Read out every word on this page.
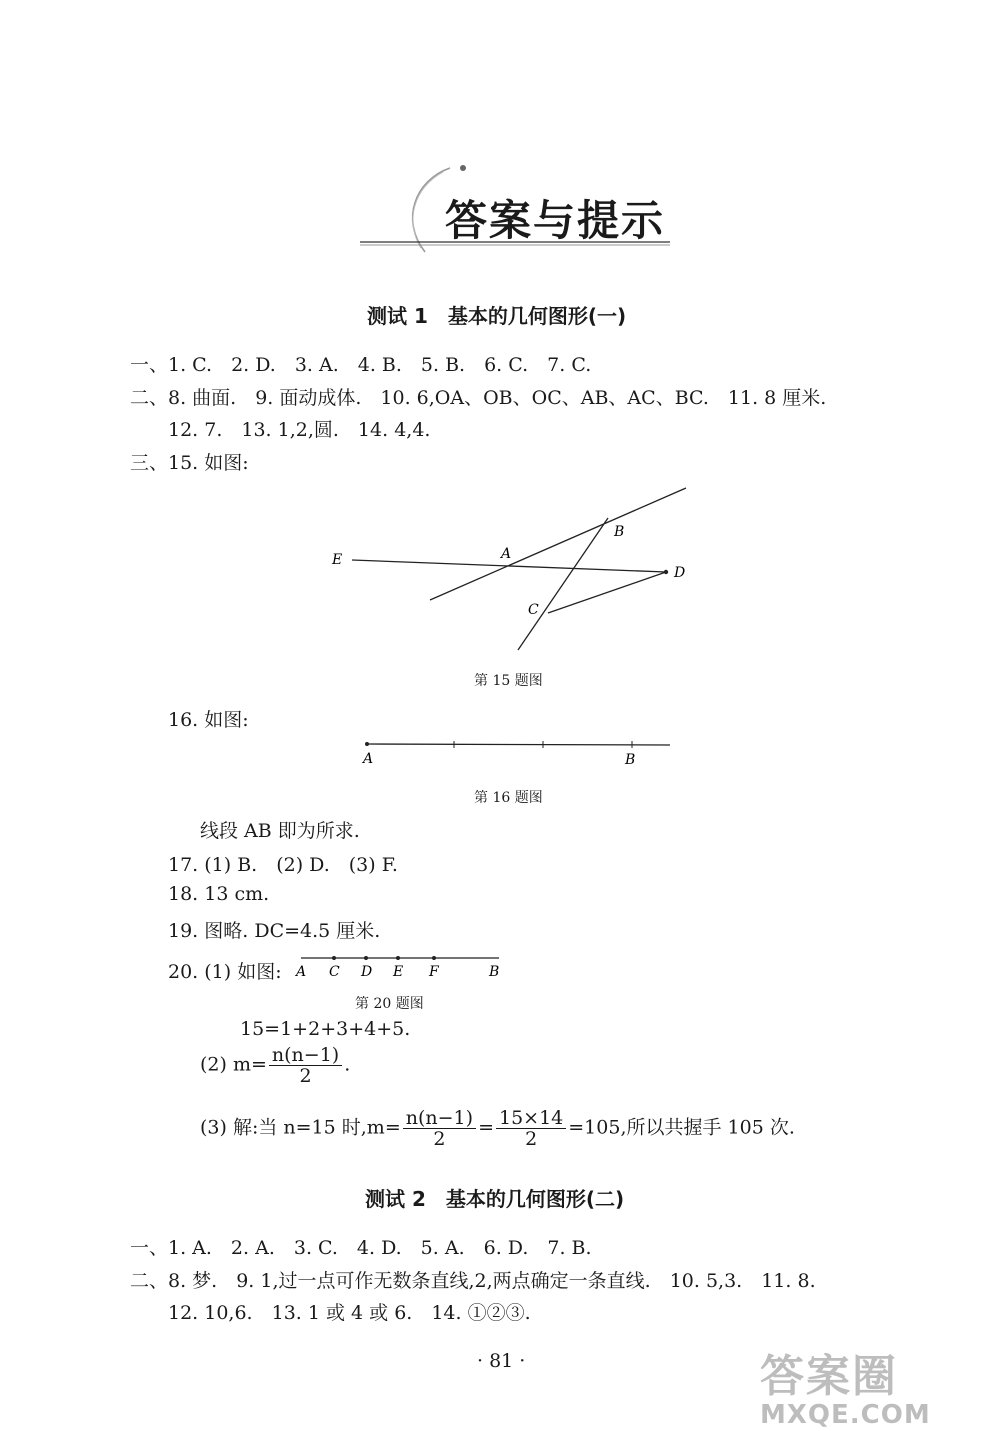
答案与提示
测试 1　基本的几何图形(一)
一、1. C.　2. D.　3. A.　4. B.　5. B.　6. C.　7. C.
二、8. 曲面.　9. 面动成体.　10. 6,OA、OB、OC、AB、AC、BC.　11. 8 厘米.
12. 7.　13. 1,2,圆.　14. 4,4.
三、15. 如图:
E	A
B
C
D
第 15 题图
16. 如图:
A	B
第 16 题图
线段 AB 即为所求.
17. (1) B.　(2) D.　(3) F.
18. 13 cm.
19. 图略. DC=4.5 厘米.
20. (1) 如图: A C D E F	B
第 20 题图
15=1+2+3+4+5.
(2) $m= \frac{n(n-1)}{2}$ .
(3) 解:当 n=15 时$,m= \frac{n(n-1)}{2} = \frac{15\times 14}{2} =105$,所以共握手 105 次.
测试 2　基本的几何图形(二)
一、1. A.　2. A.　3. C.　4. D.　5. A.　6. D.　7. B.
二、8. 梦.　9. 1,过一点可作无数条直线,2,两点确定一条直线.　10. 5,3.　11. 8.
12. 10,6.　13. 1 或 4 或 6.　14. ①②③.
· 81 ·	答案圈
MXQE.COM
